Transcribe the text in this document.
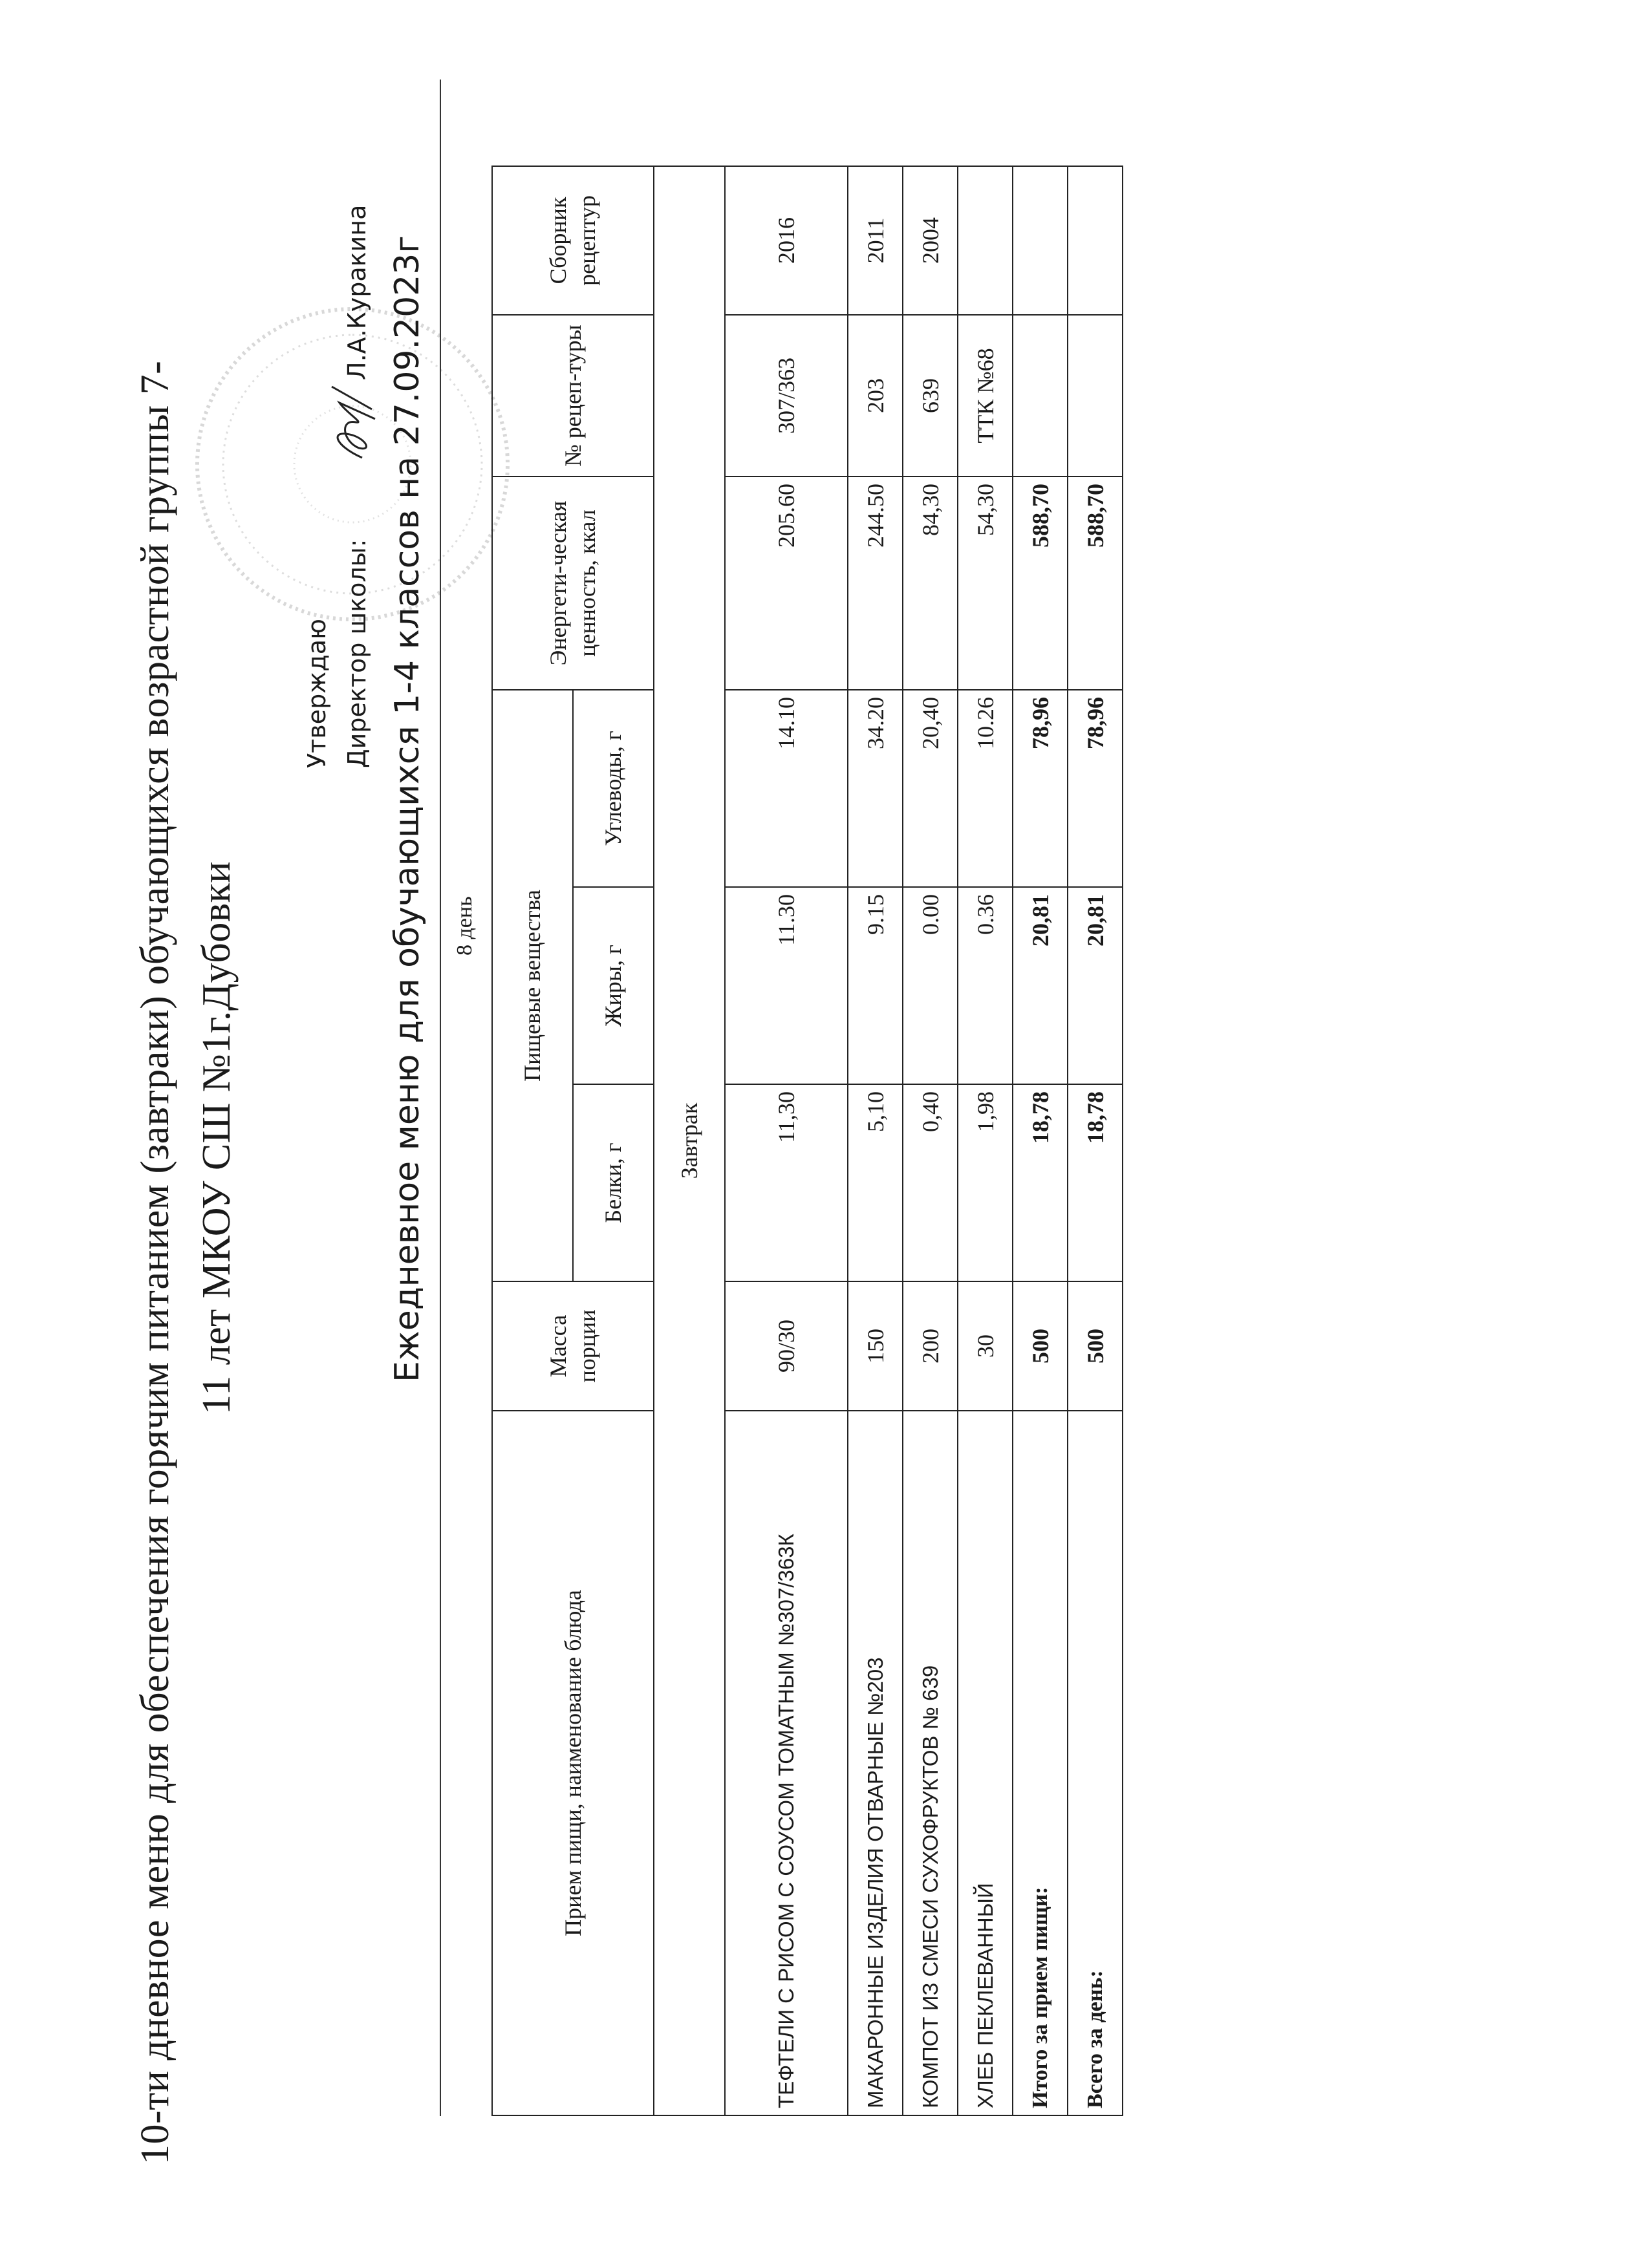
10-ти дневное меню для обеспечения горячим питанием (завтраки) обучающихся возрастной группы 7- 11 лет МКОУ СШ №1г.Дубовки
Утверждаю Директор школы:
Л.А.Куракина Ежедневное меню для обучающихся 1-4 классов на 27.09.2023г 8 день
Прием пищи, наименование блюда	Масса порции	Пищевые вещества			Энергети-ческая ценность, ккал	№ рецеп-туры	Сборник рецептур
		Белки, г	Жиры, г	Углеводы, г			
Завтрак							
ТЕФТЕЛИ С РИСОМ С СОУСОМ ТОМАТНЫМ №307/363К	90/30	11,30	11.30	14.10	205.60	307/363	2016
МАКАРОННЫЕ ИЗДЕЛИЯ ОТВАРНЫЕ №203	150	5,10	9.15	34.20	244.50	203	2011
КОМПОТ ИЗ СМЕСИ СУХОФРУКТОВ № 639	200	0,40	0.00	20,40	84,30	639	2004
ХЛЕБ ПЕКЛЕВАННЫЙ	30	1,98	0.36	10.26	54,30	ТТК №68	
Итого за прием пищи:	500	18,78	20,81	78,96	588,70		
Всего за день:	500	18,78	20,81	78,96	588,70		
